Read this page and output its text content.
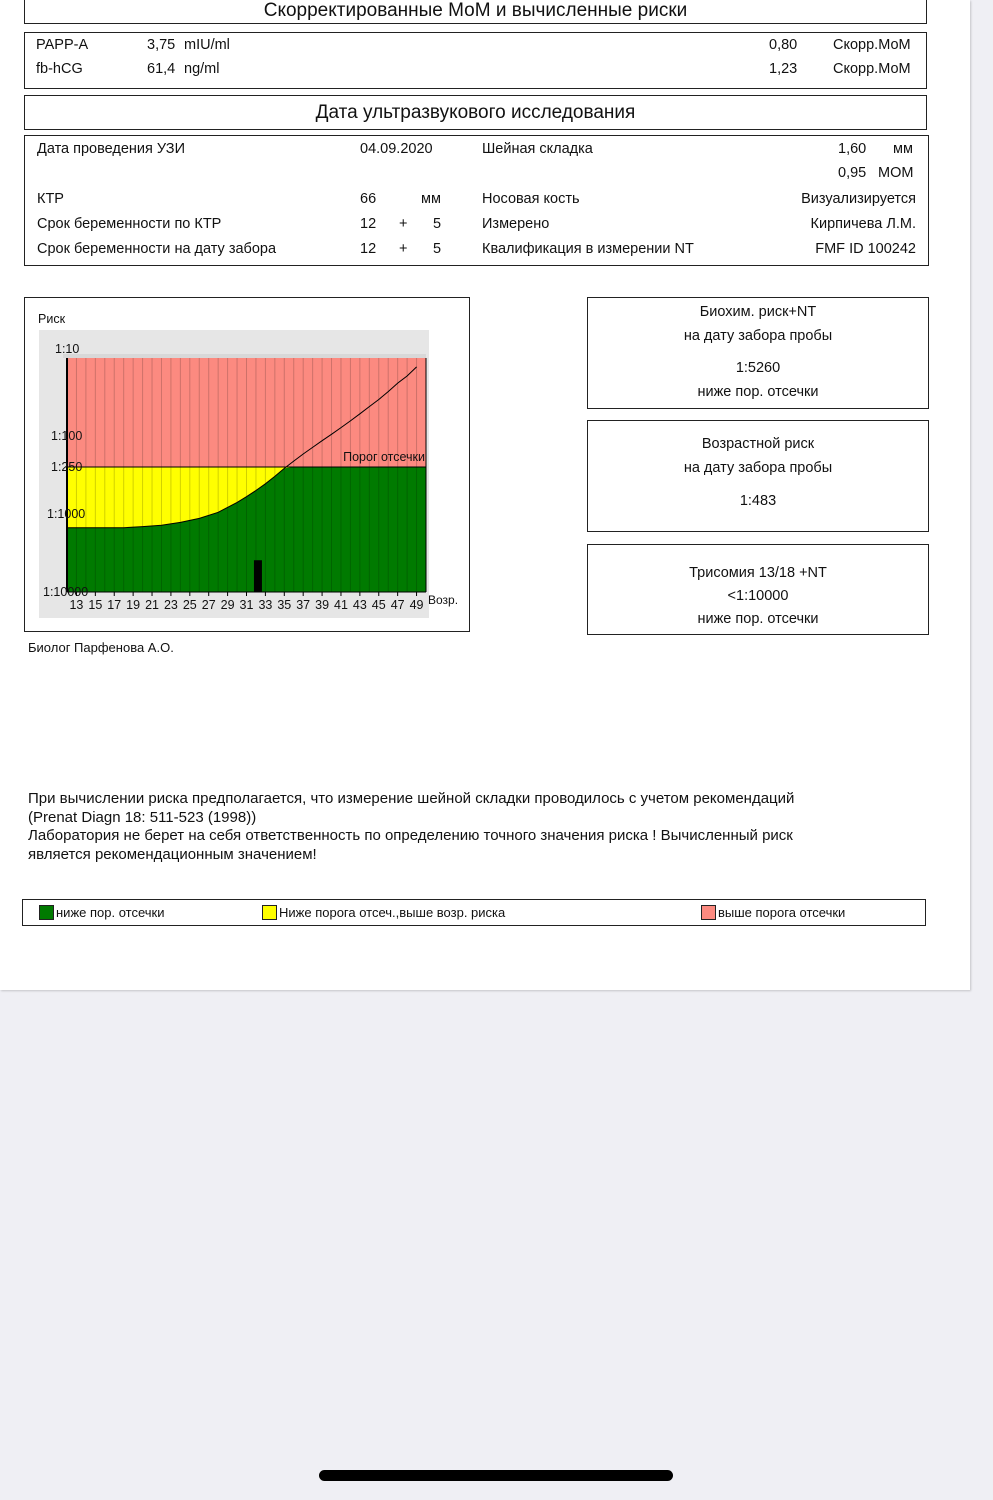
Скорректированные МоМ и вычисленные риски
PAPP-A	3,75 mIU/ml	0,80 Скорр.МоМ
fb-hCG	61,4 ng/ml	1,23 Скорр.МоМ
Дата ультразвукового исследования
Дата проведения УЗИ	04.09.2020	Шейная складка	1,60 мм
0,95 МОМ
КТР	66	мм	Носовая кость	Визуализируется
Срок беременности по КТР	12 + 5	Измерено	Кирпичева Л.М.
Срок беременности на дату забора	12 + 5	Квалификация в измерении NT	FMF ID 100242
Риск
1:10
1:100
1:250
1:1000
1:10000
13 15 17 19 21 23 25 27 29 31 33 35 37 39 41 43 45 47 49 Возр.
Порог отсечки
Биолог Парфенова А.О.
Биохим. риск+NT
на дату забора пробы
1:5260
ниже пор. отсечки
Возрастной риск
на дату забора пробы
1:483
Трисомия 13/18 +NT
<1:10000
ниже пор. отсечки
При вычислении риска предполагается, что измерение шейной складки проводилось с учетом рекомендаций
(Prenat Diagn 18: 511-523 (1998))
Лаборатория не берет на себя ответственность по определению точного значения риска ! Вычисленный риск
является рекомендационным значением!
ниже пор. отсечки	Ниже порога отсеч.,выше возр. риска	выше порога отсечки
